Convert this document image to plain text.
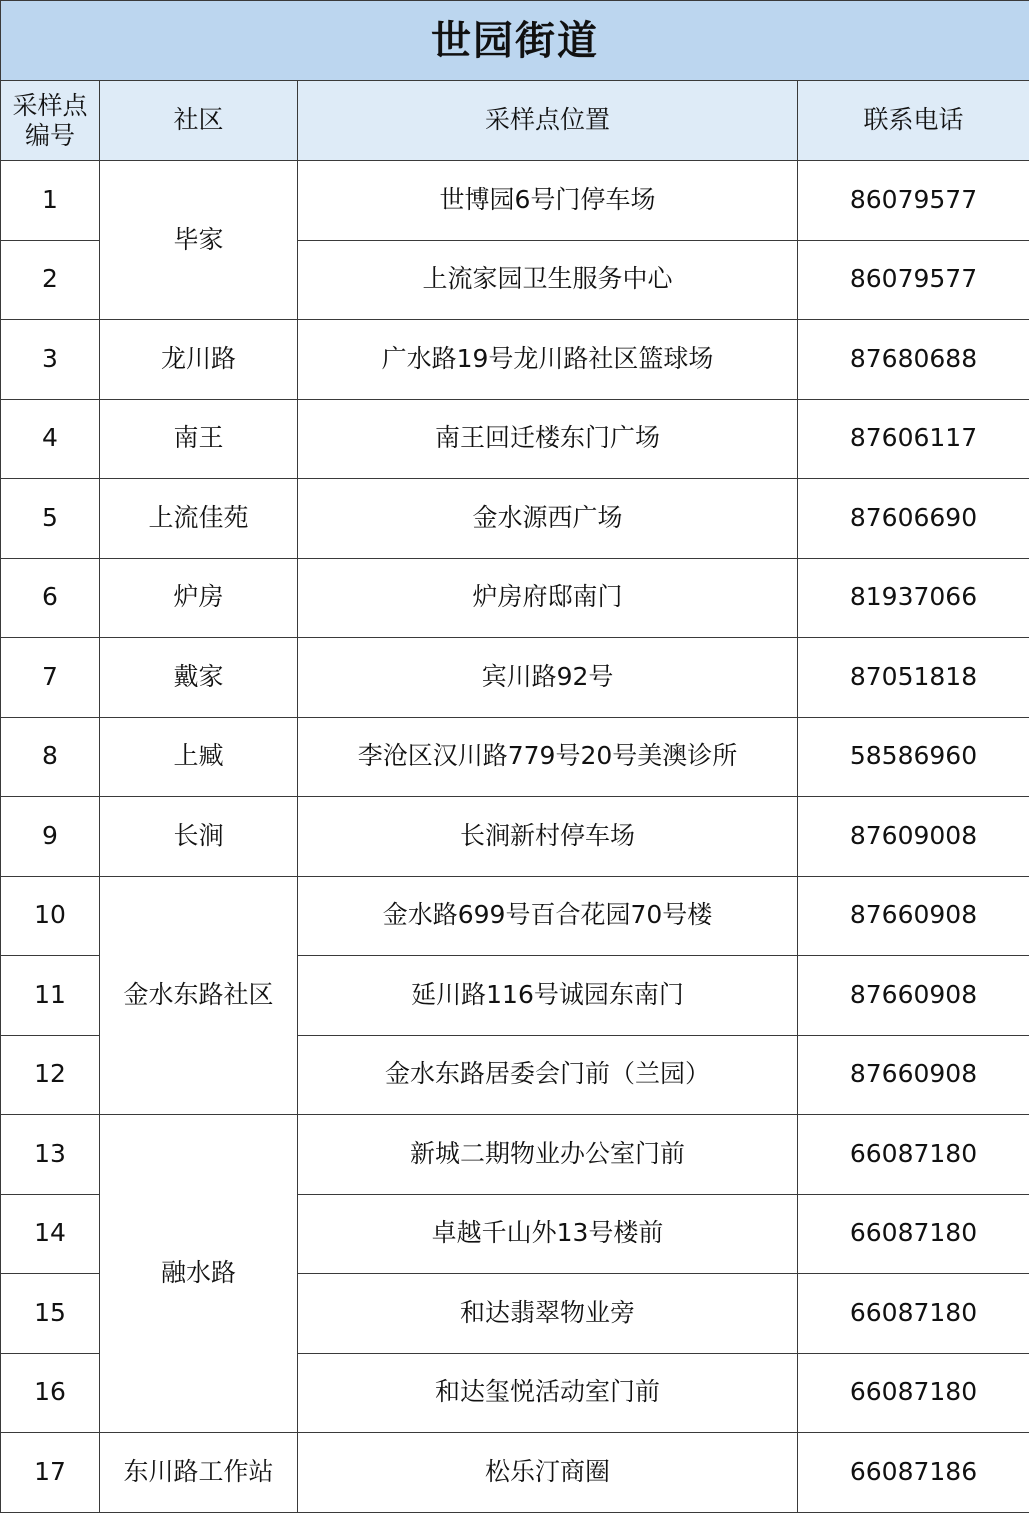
世园街道			

采样点编号	社区	采样点位置	联系电话
1	毕家	世博园6号门停车场	86079577
2		上流家园卫生服务中心	86079577
3	龙川路	广水路19号龙川路社区篮球场	87680688
4	南王	南王回迁楼东门广场	87606117
5	上流佳苑	金水源西广场	87606690
6	炉房	炉房府邸南门	81937066
7	戴家	宾川路92号	87051818
8	上臧	李沧区汉川路779号20号美澳诊所	58586960
9	长涧	长涧新村停车场	87609008
10	金水东路社区	金水路699号百合花园70号楼	87660908
11		延川路116号诚园东南门	87660908
12		金水东路居委会门前（兰园）	87660908
13	融水路	新城二期物业办公室门前	66087180
14		卓越千山外13号楼前	66087180
15		和达翡翠物业旁	66087180
16		和达玺悦活动室门前	66087180
17	东川路工作站	松乐汀商圈	66087186
